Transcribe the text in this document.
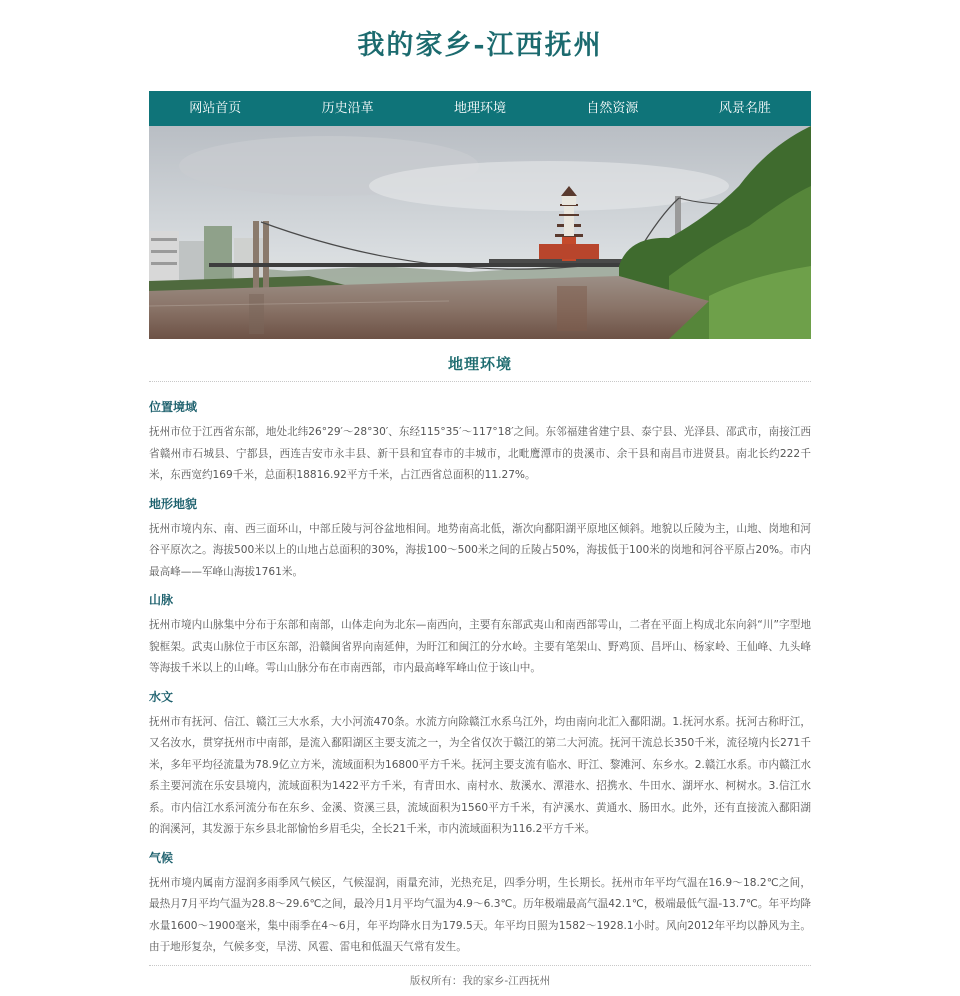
我的家乡-江西抚州
网站首页	历史沿革	地理环境	自然资源	风景名胜
地理环境
位置境域

抚州市位于江西省东部，地处北纬26°29′～28°30′、东经115°35′～117°18′之间。东邻福建省建宁县、泰宁县、光泽县、邵武市，南接江西省赣州市石城县、宁都县，西连吉安市永丰县、新干县和宜春市的丰城市，北毗鹰潭市的贵溪市、余干县和南昌市进贤县。南北长约222千米，东西宽约169千米，总面积18816.92平方千米，占江西省总面积的11.27%。

地形地貌

抚州市境内东、南、西三面环山，中部丘陵与河谷盆地相间。地势南高北低，渐次向鄱阳湖平原地区倾斜。地貌以丘陵为主，山地、岗地和河谷平原次之。海拔500米以上的山地占总面积的30%，海拔100～500米之间的丘陵占50%，海拔低于100米的岗地和河谷平原占20%。市内最高峰——军峰山海拔1761米。

山脉

抚州市境内山脉集中分布于东部和南部，山体走向为北东—南西向，主要有东部武夷山和南西部雩山，二者在平面上构成北东向斜“川”字型地貌框架。武夷山脉位于市区东部，沿赣闽省界向南延伸，为盱江和闽江的分水岭。主要有笔架山、野鸡顶、昌坪山、杨家岭、王仙峰、九头峰等海拔千米以上的山峰。雩山山脉分布在市南西部，市内最高峰军峰山位于该山中。

水文

抚州市有抚河、信江、赣江三大水系，大小河流470条。水流方向除赣江水系乌江外，均由南向北汇入鄱阳湖。1.抚河水系。抚河古称盱江，又名汝水，贯穿抚州市中南部，是流入鄱阳湖区主要支流之一，为全省仅次于赣江的第二大河流。抚河干流总长350千米，流径境内长271千米，多年平均径流量为78.9亿立方米，流域面积为16800平方千米。抚河主要支流有临水、盱江、黎滩河、东乡水。2.赣江水系。市内赣江水系主要河流在乐安县境内，流域面积为1422平方千米，有青田水、南村水、敖溪水、潭港水、招携水、牛田水、湖坪水、柯树水。3.信江水系。市内信江水系河流分布在东乡、金溪、资溪三县，流域面积为1560平方千米，有泸溪水、黄通水、肠田水。此外，还有直接流入鄱阳湖的润溪河，其发源于东乡县北部愉怡乡眉毛尖，全长21千米，市内流域面积为116.2平方千米。

气候

抚州市境内属南方湿润多雨季风气候区，气候湿润，雨量充沛，光热充足，四季分明，生长期长。抚州市年平均气温在16.9～18.2℃之间，最热月7月平均气温为28.8～29.6℃之间，最冷月1月平均气温为4.9～6.3℃。历年极端最高气温42.1℃，极端最低气温-13.7℃。年平均降水量1600～1900毫米，集中雨季在4～6月，年平均降水日为179.5天。年平均日照为1582～1928.1小时。风向2012年平均以静风为主。由于地形复杂，气候多变，旱涝、风雹、雷电和低温天气常有发生。

版权所有：我的家乡-江西抚州
